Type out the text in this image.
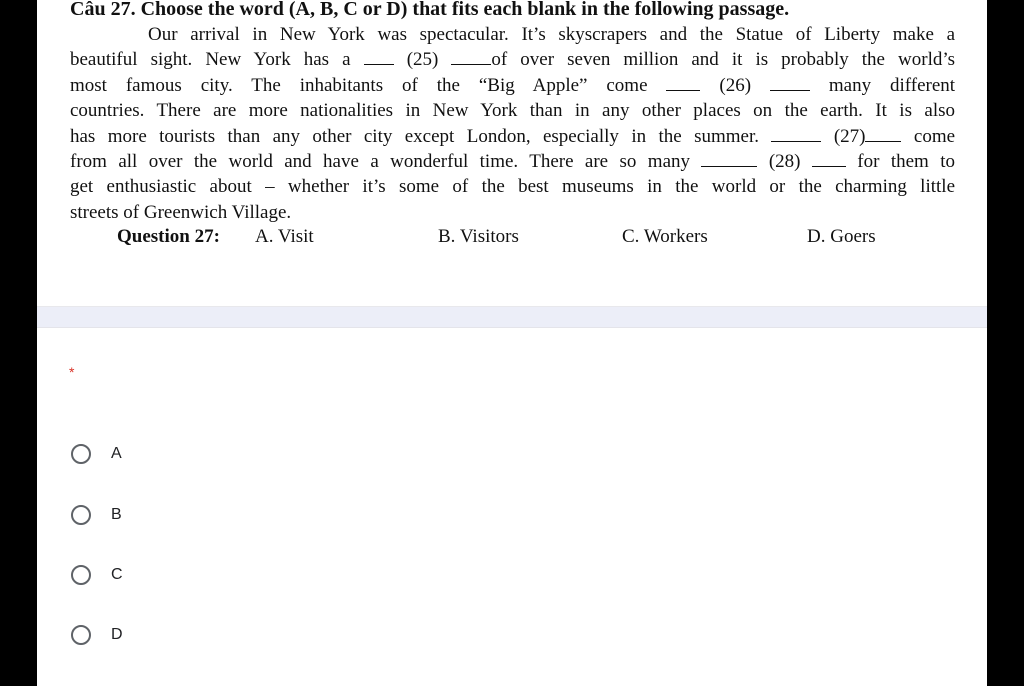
Câu 27. Choose the word (A, B, C or D) that fits each blank in the following passage.
Our arrival in New York was spectacular. It’s skyscrapers and the Statue of Liberty make a
beautiful sight. New York has a	(25)	of over seven million and it is probably the world’s
most famous city. The inhabitants of the “Big Apple” come	(26)	many different
countries. There are more nationalities in New York than in any other places on the earth. It is also
has more tourists than any other city except London, especially in the summer.	(27)	come
from all over the world and have a wonderful time. There are so many	(28)	for them to
get enthusiastic about – whether it’s some of the best museums in the world or the charming little
streets of Greenwich Village.
Question 27: A. Visit	B. Visitors	C. Workers	D. Goers
*
A
B
C
D
